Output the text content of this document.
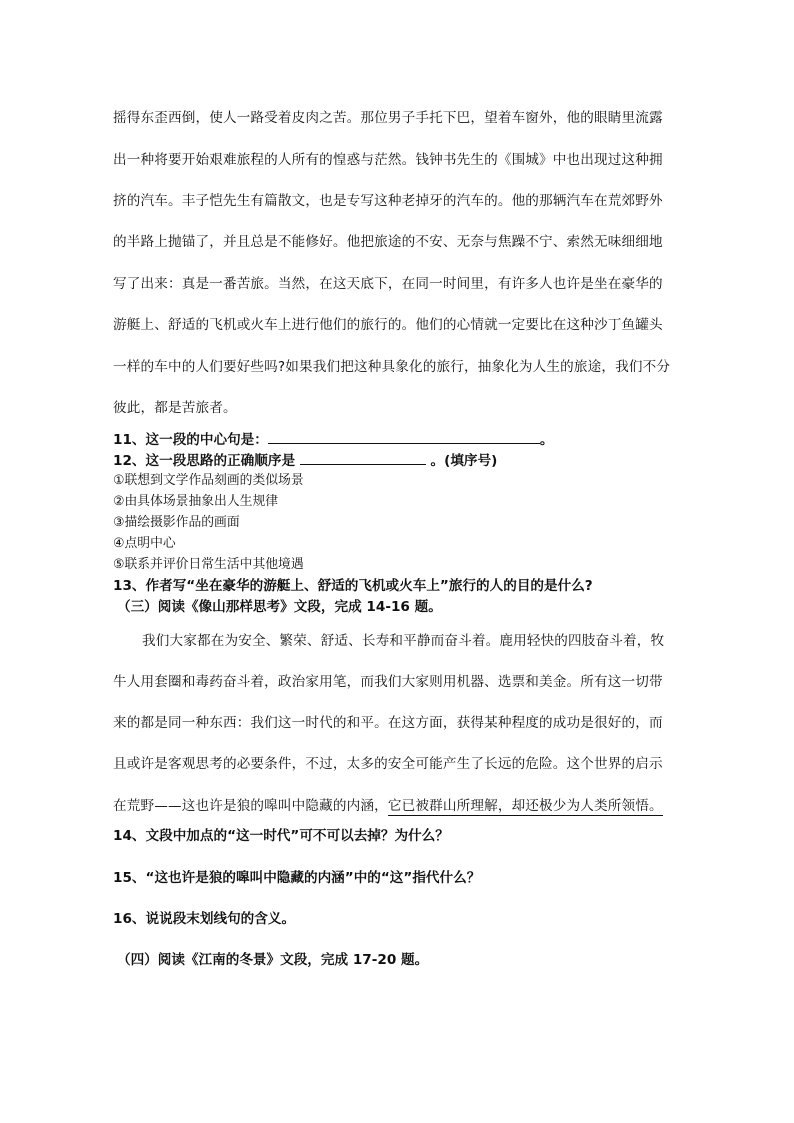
摇得东歪西倒，使人一路受着皮肉之苦。那位男子手托下巴，望着车窗外，他的眼睛里流露
出一种将要开始艰难旅程的人所有的惶惑与茫然。钱钟书先生的《围城》中也出现过这种拥
挤的汽车。丰子恺先生有篇散文，也是专写这种老掉牙的汽车的。他的那辆汽车在荒郊野外
的半路上抛锚了，并且总是不能修好。他把旅途的不安、无奈与焦躁不宁、索然无味细细地
写了出来：真是一番苦旅。当然，在这天底下，在同一时间里，有许多人也许是坐在豪华的
游艇上、舒适的飞机或火车上进行他们的旅行的。他们的心情就一定要比在这种沙丁鱼罐头
一样的车中的人们要好些吗?如果我们把这种具象化的旅行，抽象化为人生的旅途，我们不分
彼此，都是苦旅者。
11、这一段的中心句是：	。
12、这一段思路的正确顺序是	。(填序号)
①联想到文学作品刻画的类似场景
②由具体场景抽象出人生规律
③描绘摄影作品的画面
④点明中心
⑤联系并评价日常生活中其他境遇
13、作者写“坐在豪华的游艇上、舒适的飞机或火车上”旅行的人的目的是什么?
（三）阅读《像山那样思考》文段，完成 14-16 题。
我们大家都在为安全、繁荣、舒适、长寿和平静而奋斗着。鹿用轻快的四肢奋斗着，牧
牛人用套圈和毒药奋斗着，政治家用笔，而我们大家则用机器、选票和美金。所有这一切带
来的都是同一种东西：我们这一时代的和平。在这方面，获得某种程度的成功是很好的，而
且或许是客观思考的必要条件，不过，太多的安全可能产生了长远的危险。这个世界的启示
在荒野——这也许是狼的嗥叫中隐藏的内涵，它已被群山所理解，却还极少为人类所领悟。
14、文段中加点的“这一时代”可不可以去掉？为什么？
15、“这也许是狼的嗥叫中隐藏的内涵”中的“这”指代什么？
16、说说段末划线句的含义。
（四）阅读《江南的冬景》文段，完成 17-20 题。
